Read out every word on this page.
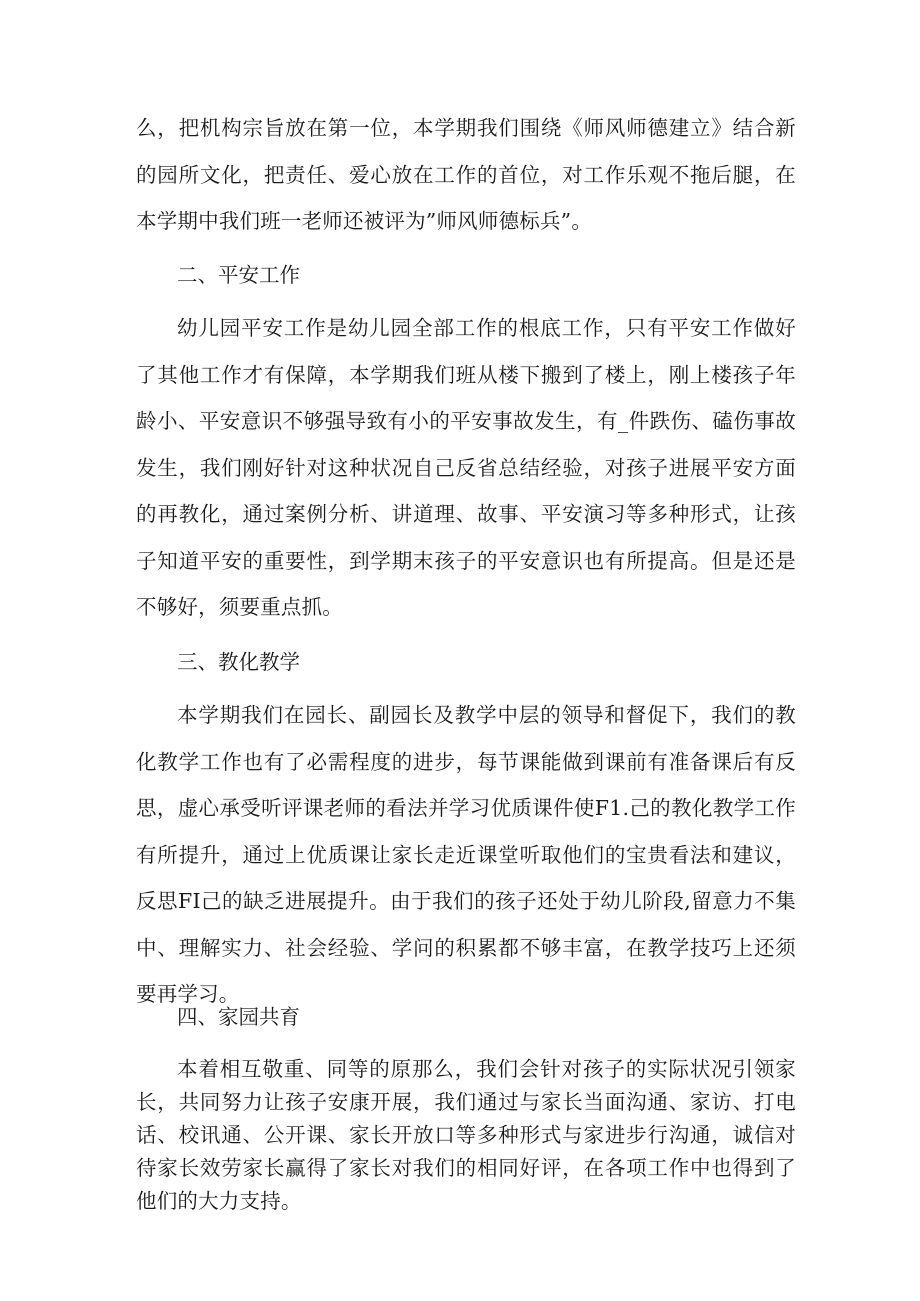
么，把机构宗旨放在第一位，本学期我们围绕《师风师德建立》结合新的园所文化，把责任、爱心放在工作的首位，对工作乐观不拖后腿，在本学期中我们班一老师还被评为”师风师德标兵”。

二、平安工作

幼儿园平安工作是幼儿园全部工作的根底工作，只有平安工作做好了其他工作才有保障，本学期我们班从楼下搬到了楼上，刚上楼孩子年龄小、平安意识不够强导致有小的平安事故发生，有_件跌伤、磕伤事故发生，我们刚好针对这种状况自己反省总结经验，对孩子进展平安方面的再教化，通过案例分析、讲道理、故事、平安演习等多种形式，让孩子知道平安的重要性，到学期末孩子的平安意识也有所提高。但是还是不够好，须要重点抓。

三、教化教学

本学期我们在园长、副园长及教学中层的领导和督促下，我们的教化教学工作也有了必需程度的进步，每节课能做到课前有准备课后有反思，虚心承受听评课老师的看法并学习优质课件使F1.己的教化教学工作有所提升，通过上优质课让家长走近课堂听取他们的宝贵看法和建议，反思FI己的缺乏进展提升。由于我们的孩子还处于幼儿阶段,留意力不集中、理解实力、社会经验、学问的积累都不够丰富，在教学技巧上还须要再学习。

四、家园共育

本着相互敬重、同等的原那么，我们会针对孩子的实际状况引领家长，共同努力让孩子安康开展，我们通过与家长当面沟通、家访、打电话、校讯通、公开课、家长开放口等多种形式与家进步行沟通，诚信对待家长效劳家长赢得了家长对我们的相同好评，在各项工作中也得到了他们的大力支持。
